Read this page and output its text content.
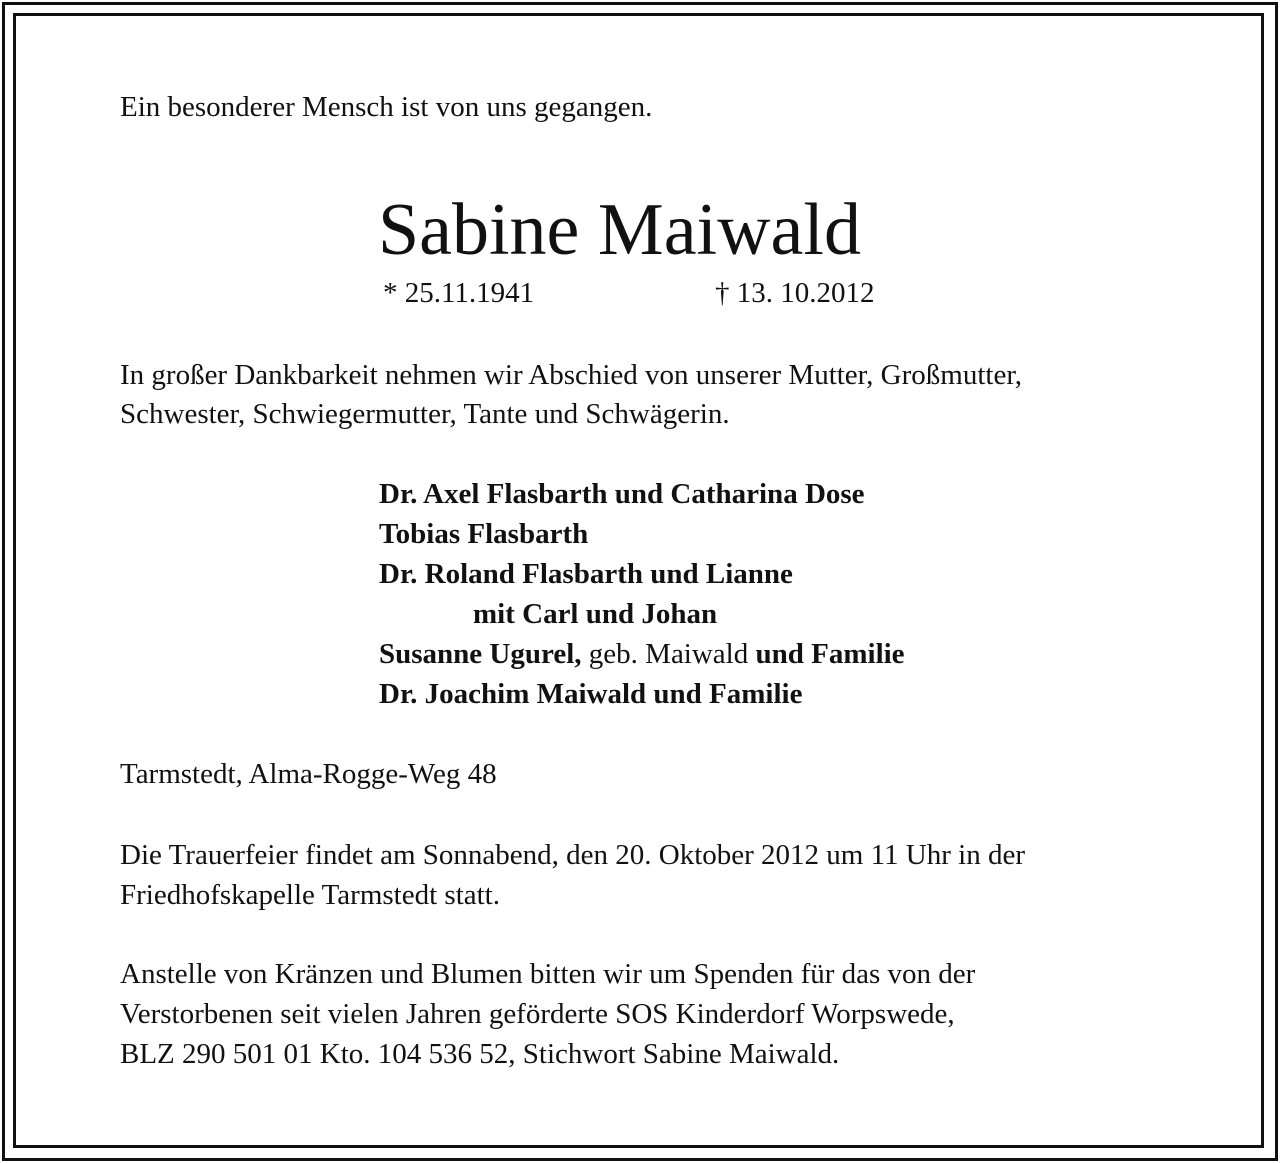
Ein besonderer Mensch ist von uns gegangen.
Sabine Maiwald
* 25.11.1941	† 13. 10.2012
In großer Dankbarkeit nehmen wir Abschied von unserer Mutter, Großmutter,
Schwester, Schwiegermutter, Tante und Schwägerin.
Dr. Axel Flasbarth und Catharina Dose
Tobias Flasbarth
Dr. Roland Flasbarth und Lianne
mit Carl und Johan
Susanne Ugurel, geb. Maiwald und Familie
Dr. Joachim Maiwald und Familie
Tarmstedt, Alma-Rogge-Weg 48
Die Trauerfeier findet am Sonnabend, den 20. Oktober 2012 um 11 Uhr in der
Friedhofskapelle Tarmstedt statt.
Anstelle von Kränzen und Blumen bitten wir um Spenden für das von der
Verstorbenen seit vielen Jahren geförderte SOS Kinderdorf Worpswede,
BLZ 290 501 01 Kto. 104 536 52, Stichwort Sabine Maiwald.
